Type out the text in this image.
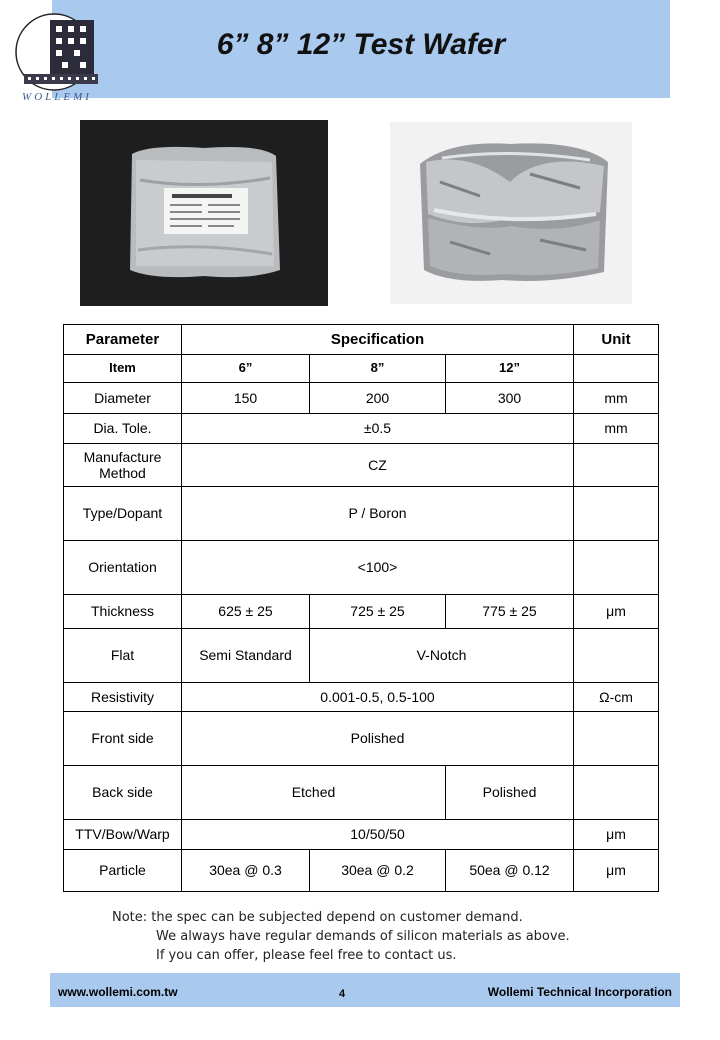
6” 8” 12” Test Wafer
WOLLEMI
Parameter	Specification			Unit
Item	6”	8”	12”	
Diameter	150	200	300	mm
Dia. Tole.	±0.5			mm
Manufacture Method	CZ			
Type/Dopant	P / Boron			
Orientation	<100>			
Thickness	625 ± 25	725 ± 25	775 ± 25	μm
Flat	Semi Standard	V-Notch		
Resistivity	0.001-0.5, 0.5-100			Ω-cm
Front side	Polished			
Back side	Etched		Polished	
TTV/Bow/Warp	10/50/50			μm
Particle	30ea @ 0.3	30ea @ 0.2	50ea @ 0.12	μm
Note: the spec can be subjected depend on customer demand.

We always have regular demands of silicon materials as above.
If you can offer, please feel free to contact us.
www.wollemi.com.tw	4	Wollemi Technical Incorporation
